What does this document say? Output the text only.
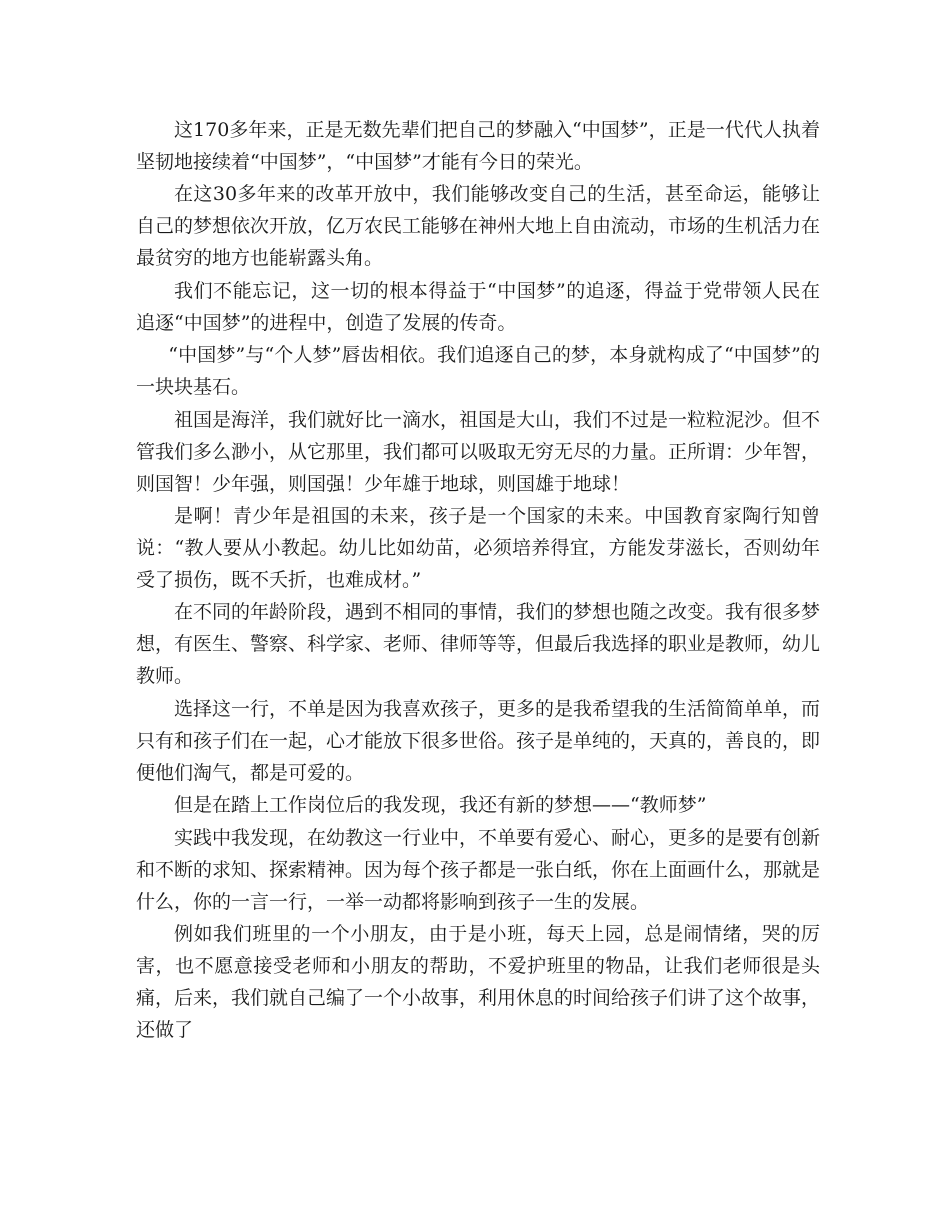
这170多年来，正是无数先辈们把自己的梦融入“中国梦”，正是一代代人执着坚韧地接续着“中国梦”，“中国梦”才能有今日的荣光。

在这30多年来的改革开放中，我们能够改变自己的生活，甚至命运，能够让自己的梦想依次开放，亿万农民工能够在神州大地上自由流动，市场的生机活力在最贫穷的地方也能崭露头角。

我们不能忘记，这一切的根本得益于“中国梦”的追逐，得益于党带领人民在追逐“中国梦”的进程中，创造了发展的传奇。

“中国梦”与“个人梦”唇齿相依。我们追逐自己的梦，本身就构成了“中国梦”的一块块基石。

祖国是海洋，我们就好比一滴水，祖国是大山，我们不过是一粒粒泥沙。但不管我们多么渺小，从它那里，我们都可以吸取无穷无尽的力量。正所谓：少年智，则国智！少年强，则国强！少年雄于地球，则国雄于地球！

是啊！青少年是祖国的未来，孩子是一个国家的未来。中国教育家陶行知曾说：“教人要从小教起。幼儿比如幼苗，必须培养得宜，方能发芽滋长，否则幼年受了损伤，既不夭折，也难成材。”

在不同的年龄阶段，遇到不相同的事情，我们的梦想也随之改变。我有很多梦想，有医生、警察、科学家、老师、律师等等，但最后我选择的职业是教师，幼儿教师。

选择这一行，不单是因为我喜欢孩子，更多的是我希望我的生活简简单单，而只有和孩子们在一起，心才能放下很多世俗。孩子是单纯的，天真的，善良的，即便他们淘气，都是可爱的。

但是在踏上工作岗位后的我发现，我还有新的梦想——“教师梦”

实践中我发现，在幼教这一行业中，不单要有爱心、耐心，更多的是要有创新和不断的求知、探索精神。因为每个孩子都是一张白纸，你在上面画什么，那就是什么，你的一言一行，一举一动都将影响到孩子一生的发展。

例如我们班里的一个小朋友，由于是小班，每天上园，总是闹情绪，哭的厉害，也不愿意接受老师和小朋友的帮助，不爱护班里的物品，让我们老师很是头痛，后来，我们就自己编了一个小故事，利用休息的时间给孩子们讲了这个故事，还做了
